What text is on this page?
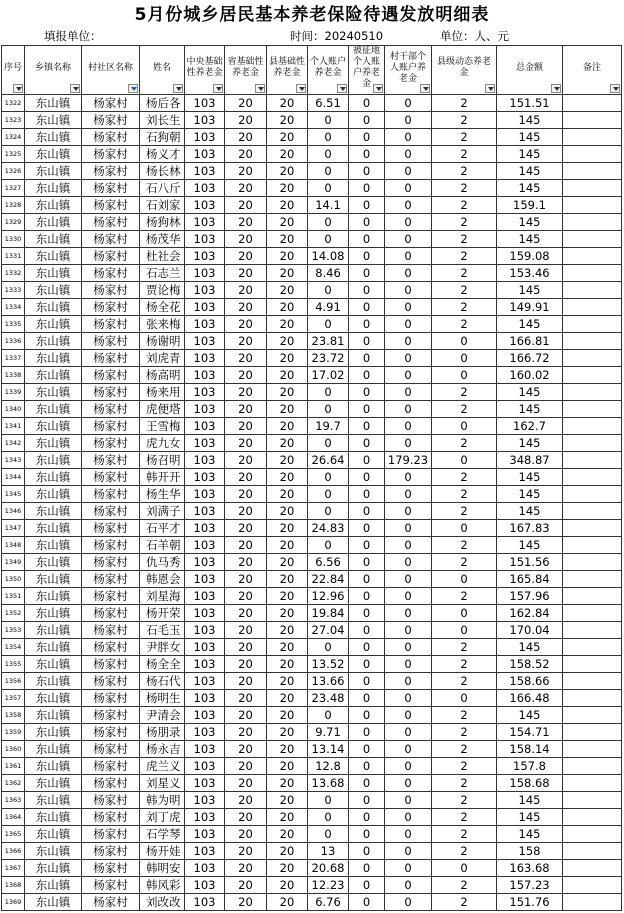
5月份城乡居民基本养老保险待遇发放明细表
填报单位：	时间：20240510	单位：人、元
序号	乡镇名称	村社区名称	姓名	中央基础性养老金	省基础性养老金	县基础性养老金	个人账户养老金	被征地个人账户养老金	村干部个人账户养老金	县级动态养老金	总金额	备注

1322	东山镇	杨家村	杨后各	103	20	20	6.51	0	0	2	151.51	
1323	东山镇	杨家村	刘长生	103	20	20	0	0	0	2	145	
1324	东山镇	杨家村	石狗朝	103	20	20	0	0	0	2	145	
1325	东山镇	杨家村	杨义才	103	20	20	0	0	0	2	145	
1326	东山镇	杨家村	杨长林	103	20	20	0	0	0	2	145	
1327	东山镇	杨家村	石八斤	103	20	20	0	0	0	2	145	
1328	东山镇	杨家村	石刘家	103	20	20	14.1	0	0	2	159.1	
1329	东山镇	杨家村	杨狗林	103	20	20	0	0	0	2	145	
1330	东山镇	杨家村	杨茂华	103	20	20	0	0	0	2	145	
1331	东山镇	杨家村	杜社会	103	20	20	14.08	0	0	2	159.08	
1332	东山镇	杨家村	石志兰	103	20	20	8.46	0	0	2	153.46	
1333	东山镇	杨家村	贾论梅	103	20	20	0	0	0	2	145	
1334	东山镇	杨家村	杨全花	103	20	20	4.91	0	0	2	149.91	
1335	东山镇	杨家村	张来梅	103	20	20	0	0	0	2	145	
1336	东山镇	杨家村	杨谢明	103	20	20	23.81	0	0	0	166.81	
1337	东山镇	杨家村	刘虎青	103	20	20	23.72	0	0	0	166.72	
1338	东山镇	杨家村	杨高明	103	20	20	17.02	0	0	0	160.02	
1339	东山镇	杨家村	杨来用	103	20	20	0	0	0	2	145	
1340	东山镇	杨家村	虎便塔	103	20	20	0	0	0	2	145	
1341	东山镇	杨家村	王雪梅	103	20	20	19.7	0	0	0	162.7	
1342	东山镇	杨家村	虎九女	103	20	20	0	0	0	2	145	
1343	东山镇	杨家村	杨召明	103	20	20	26.64	0	179.23	0	348.87	
1344	东山镇	杨家村	韩开开	103	20	20	0	0	0	2	145	
1345	东山镇	杨家村	杨生华	103	20	20	0	0	0	2	145	
1346	东山镇	杨家村	刘满子	103	20	20	0	0	0	2	145	
1347	东山镇	杨家村	石平才	103	20	20	24.83	0	0	0	167.83	
1348	东山镇	杨家村	石羊朝	103	20	20	0	0	0	2	145	
1349	东山镇	杨家村	仇马秀	103	20	20	6.56	0	0	2	151.56	
1350	东山镇	杨家村	韩恩会	103	20	20	22.84	0	0	0	165.84	
1351	东山镇	杨家村	刘星海	103	20	20	12.96	0	0	2	157.96	
1352	东山镇	杨家村	杨开荣	103	20	20	19.84	0	0	0	162.84	
1353	东山镇	杨家村	石毛玉	103	20	20	27.04	0	0	0	170.04	
1354	东山镇	杨家村	尹胖女	103	20	20	0	0	0	2	145	
1355	东山镇	杨家村	杨全全	103	20	20	13.52	0	0	2	158.52	
1356	东山镇	杨家村	杨石代	103	20	20	13.66	0	0	2	158.66	
1357	东山镇	杨家村	杨明生	103	20	20	23.48	0	0	0	166.48	
1358	东山镇	杨家村	尹清会	103	20	20	0	0	0	2	145	
1359	东山镇	杨家村	杨朋录	103	20	20	9.71	0	0	2	154.71	
1360	东山镇	杨家村	杨永吉	103	20	20	13.14	0	0	2	158.14	
1361	东山镇	杨家村	虎兰义	103	20	20	12.8	0	0	2	157.8	
1362	东山镇	杨家村	刘星义	103	20	20	13.68	0	0	2	158.68	
1363	东山镇	杨家村	韩为明	103	20	20	0	0	0	2	145	
1364	东山镇	杨家村	刘丁虎	103	20	20	0	0	0	2	145	
1365	东山镇	杨家村	石学琴	103	20	20	0	0	0	2	145	
1366	东山镇	杨家村	杨开娃	103	20	20	13	0	0	2	158	
1367	东山镇	杨家村	韩明安	103	20	20	20.68	0	0	0	163.68	
1368	东山镇	杨家村	韩风彩	103	20	20	12.23	0	0	2	157.23	
1369	东山镇	杨家村	刘改改	103	20	20	6.76	0	0	2	151.76	
